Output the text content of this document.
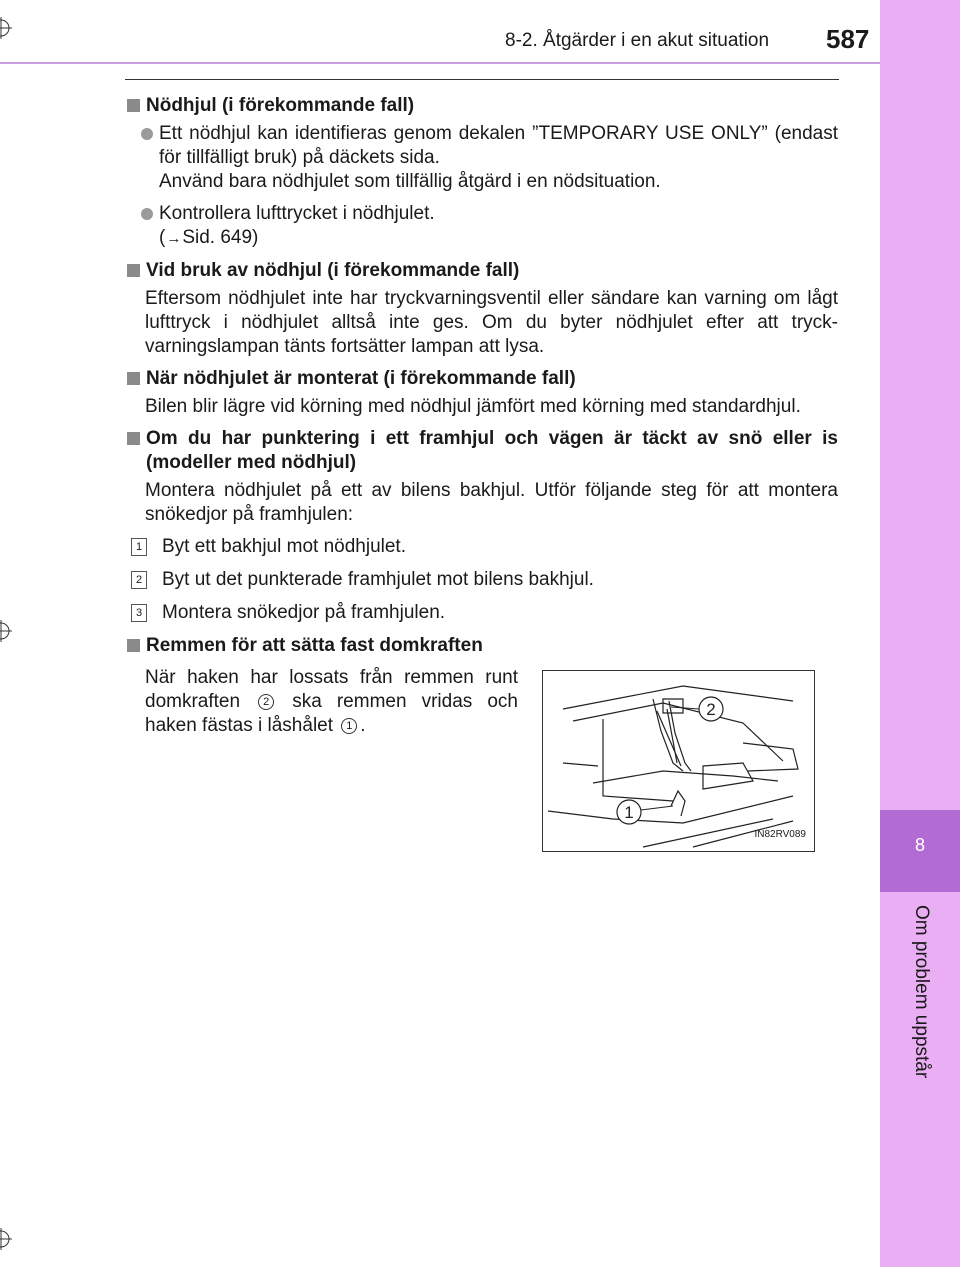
8-2. Åtgärder i en akut situation 587
8
Om problem uppstår
Nödhjul (i förekommande fall)
Ett nödhjul kan identifieras genom dekalen ”TEMPORARY USE ONLY” (endast för tillfälligt bruk) på däckets sida.
Använd bara nödhjulet som tillfällig åtgärd i en nödsituation.
Kontrollera lufttrycket i nödhjulet.
(→Sid. 649)
Vid bruk av nödhjul (i förekommande fall)
Eftersom nödhjulet inte har tryckvarningsventil eller sändare kan varning om lågt lufttryck i nödhjulet alltså inte ges. Om du byter nödhjulet efter att tryck-varningslampan tänts fortsätter lampan att lysa.
När nödhjulet är monterat (i förekommande fall)
Bilen blir lägre vid körning med nödhjul jämfört med körning med standardhjul.
Om du har punktering i ett framhjul och vägen är täckt av snö eller is (modeller med nödhjul)
Montera nödhjulet på ett av bilens bakhjul. Utför följande steg för att montera snökedjor på framhjulen:
1 Byt ett bakhjul mot nödhjulet.
2 Byt ut det punkterade framhjulet mot bilens bakhjul.
3 Montera snökedjor på framhjulen.
Remmen för att sätta fast domkraften
När haken har lossats från remmen runt domkraften 2 ska remmen vridas och haken fästas i låshålet 1 .
2
1
IN82RV089
